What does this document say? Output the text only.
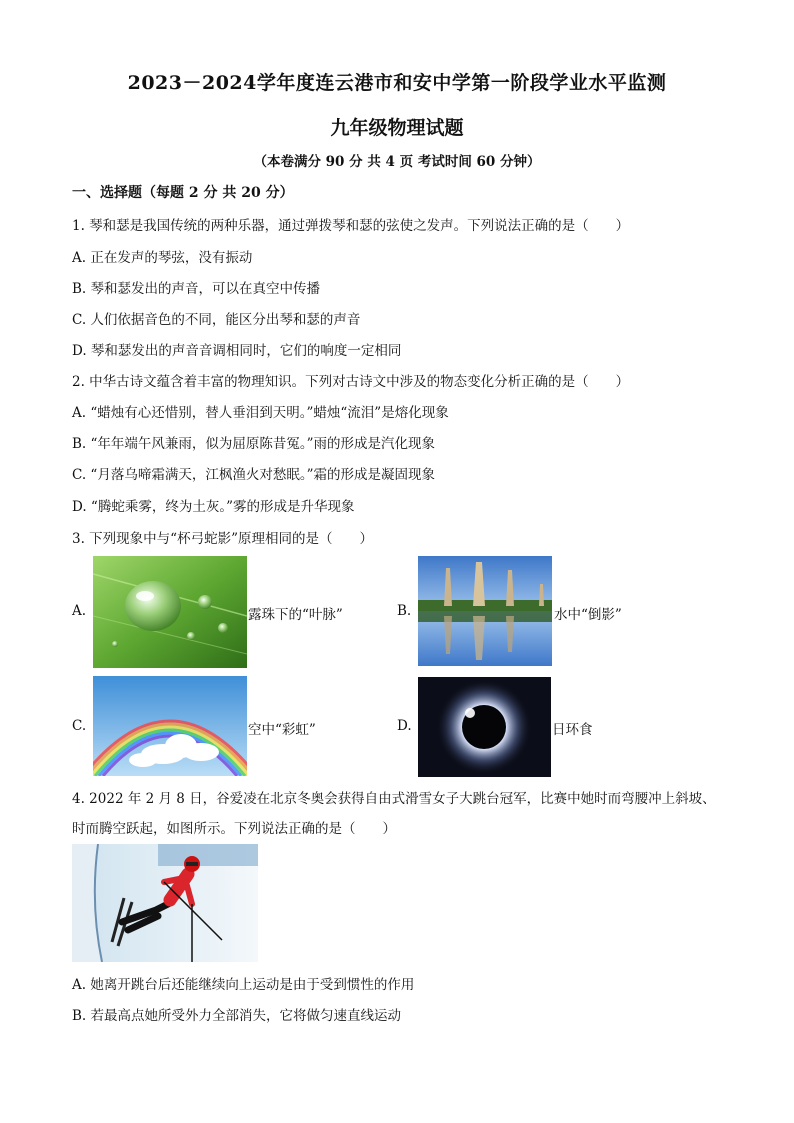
2023－2024学年度连云港市和安中学第一阶段学业水平监测
九年级物理试题
（本卷满分 90 分 共 4 页 考试时间 60 分钟）
一、选择题（每题 2 分 共 20 分）
1. 琴和瑟是我国传统的两种乐器，通过弹拨琴和瑟的弦使之发声。下列说法正确的是（　　）
A. 正在发声的琴弦，没有振动
B. 琴和瑟发出的声音，可以在真空中传播
C. 人们依据音色的不同，能区分出琴和瑟的声音
D. 琴和瑟发出的声音音调相同时，它们的响度一定相同
2. 中华古诗文蕴含着丰富的物理知识。下列对古诗文中涉及的物态变化分析正确的是（　　）
A. “蜡烛有心还惜别，替人垂泪到天明。”蜡烛“流泪”是熔化现象
B. “年年端午风兼雨，似为屈原陈昔冤。”雨的形成是汽化现象
C. “月落乌啼霜满天，江枫渔火对愁眠。”霜的形成是凝固现象
D. “腾蛇乘雾，终为土灰。”雾的形成是升华现象
3. 下列现象中与“杯弓蛇影”原理相同的是（　　）
A.	露珠下的“叶脉”	B.	水中“倒影”
C.	空中“彩虹”	D.	日环食
4. 2022 年 2 月 8 日，谷爱凌在北京冬奥会获得自由式滑雪女子大跳台冠军，比赛中她时而弯腰冲上斜坡、
时而腾空跃起，如图所示。下列说法正确的是（　　）
A. 她离开跳台后还能继续向上运动是由于受到惯性的作用
B. 若最高点她所受外力全部消失，它将做匀速直线运动
